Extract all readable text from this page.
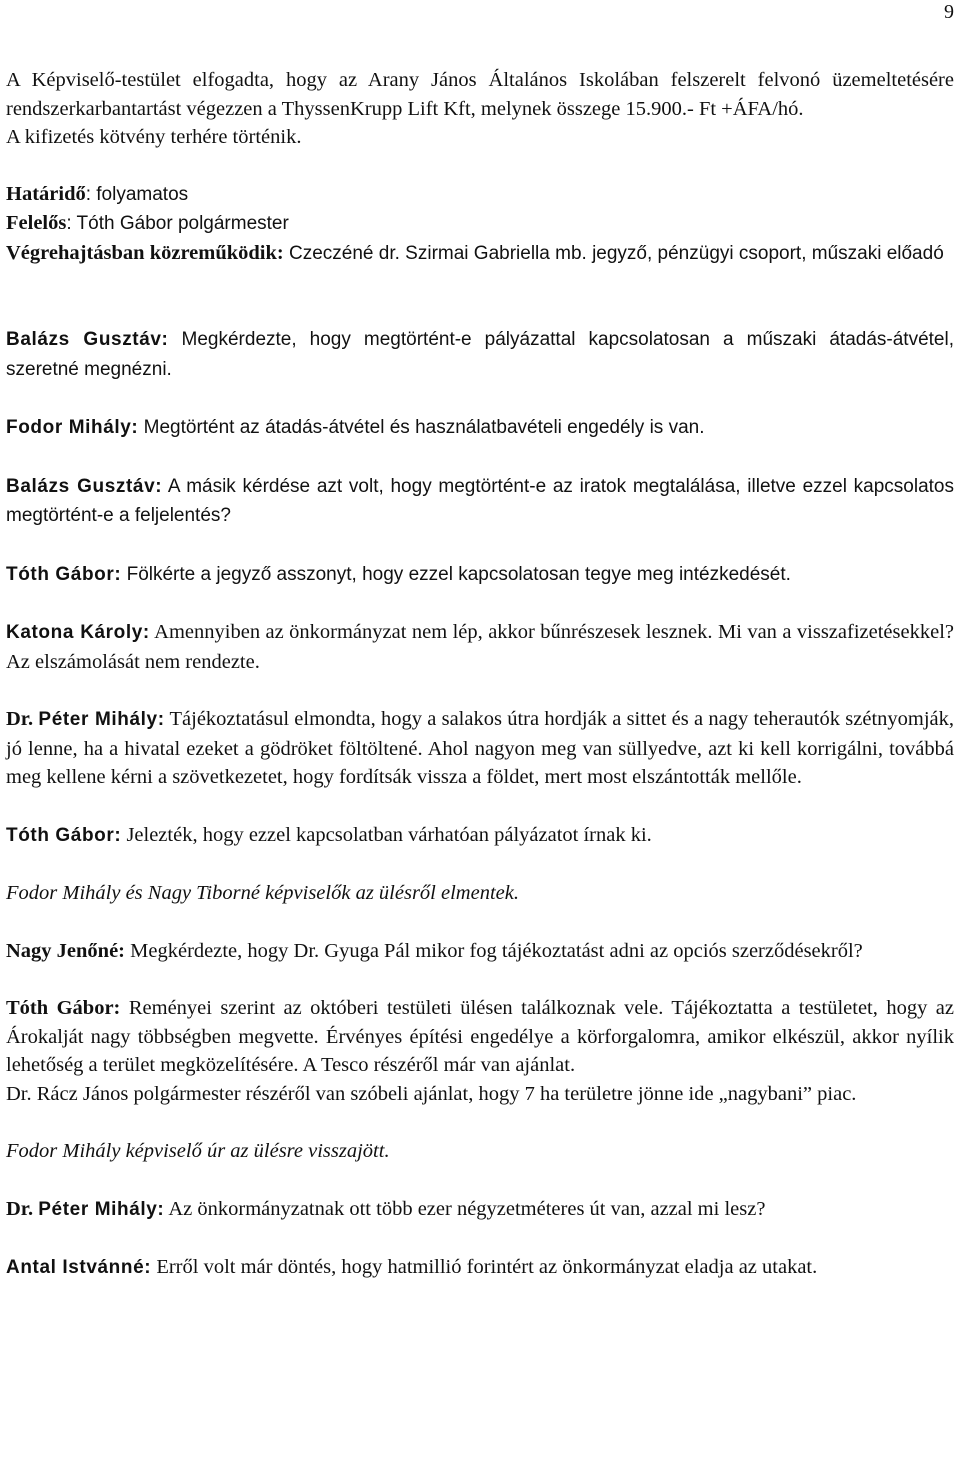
9

A Képviselő-testület elfogadta, hogy az Arany János Általános Iskolában felszerelt felvonó üzemeltetésére rendszerkarbantartást végezzen a ThyssenKrupp Lift Kft, melynek összege 15.900.- Ft +ÁFA/hó.

A kifizetés kötvény terhére történik.

Határidő: folyamatos

Felelős: Tóth Gábor polgármester

Végrehajtásban közreműködik: Czeczéné dr. Szirmai Gabriella mb. jegyző, pénzügyi csoport, műszaki előadó

Balázs Gusztáv: Megkérdezte, hogy megtörtént-e pályázattal kapcsolatosan a műszaki átadás-átvétel, szeretné megnézni.

Fodor Mihály: Megtörtént az átadás-átvétel és használatbavételi engedély is van.

Balázs Gusztáv: A másik kérdése azt volt, hogy megtörtént-e az iratok megtalálása, illetve ezzel kapcsolatos megtörtént-e a feljelentés?

Tóth Gábor: Fölkérte a jegyző asszonyt, hogy ezzel kapcsolatosan tegye meg intézkedését.

Katona Károly: Amennyiben az önkormányzat nem lép, akkor bűnrészesek lesznek. Mi van a visszafizetésekkel? Az elszámolását nem rendezte.

Dr. Péter Mihály: Tájékoztatásul elmondta, hogy a salakos útra hordják a sittet és a nagy teherautók szétnyomják, jó lenne, ha a hivatal ezeket a gödröket föltöltené. Ahol nagyon meg van süllyedve, azt ki kell korrigálni, továbbá meg kellene kérni a szövetkezetet, hogy fordítsák vissza a földet, mert most elszántották mellőle.

Tóth Gábor: Jelezték, hogy ezzel kapcsolatban várhatóan pályázatot írnak ki.

Fodor Mihály és Nagy Tiborné képviselők az ülésről elmentek.

Nagy Jenőné: Megkérdezte, hogy Dr. Gyuga Pál mikor fog tájékoztatást adni az opciós szerződésekről?

Tóth Gábor: Reményei szerint az októberi testületi ülésen találkoznak vele. Tájékoztatta a testületet, hogy az Árokalját nagy többségben megvette. Érvényes építési engedélye a körforgalomra, amikor elkészül, akkor nyílik lehetőség a terület megközelítésére. A Tesco részéről már van ajánlat.

Dr. Rácz János polgármester részéről van szóbeli ajánlat, hogy 7 ha területre jönne ide „nagybani” piac.

Fodor Mihály képviselő úr az ülésre visszajött.

Dr. Péter Mihály: Az önkormányzatnak ott több ezer négyzetméteres út van, azzal mi lesz?

Antal Istvánné: Erről volt már döntés, hogy hatmillió forintért az önkormányzat eladja az utakat.
